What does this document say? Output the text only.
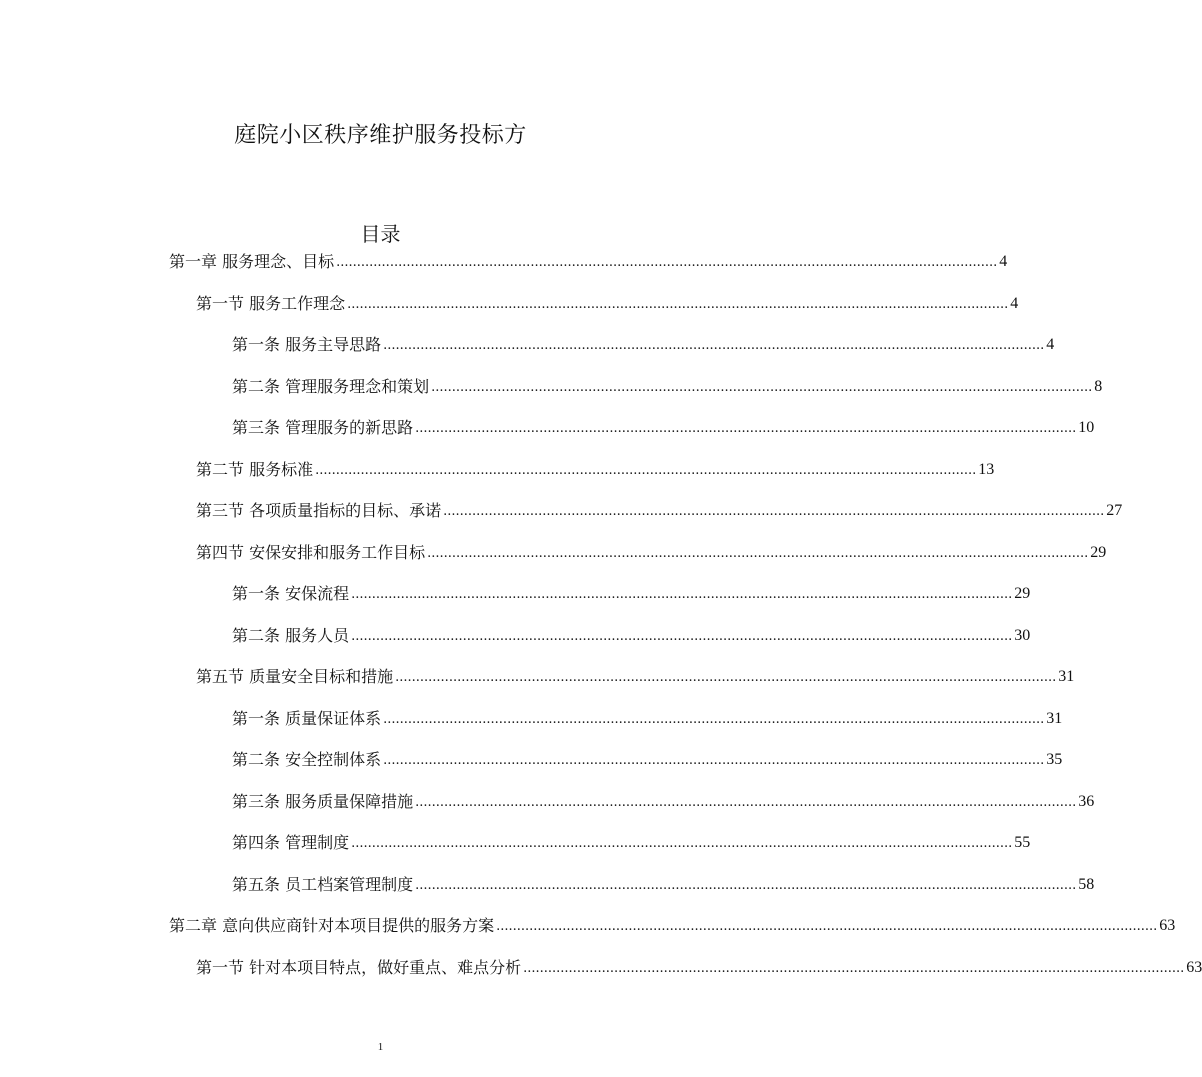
庭院小区秩序维护服务投标方
目录
第一章 服务理念、目标 ................................................................................................................................................................ 4
第一节 服务工作理念 ................................................................................................................................................................ 4
第一条 服务主导思路 ................................................................................................................................................................ 4
第二条 管理服务理念和策划 ................................................................................................................................................................ 8
第三条 管理服务的新思路 ................................................................................................................................................................ 10
第二节 服务标准 ................................................................................................................................................................ 13
第三节 各项质量指标的目标、承诺 ................................................................................................................................................................ 27
第四节 安保安排和服务工作目标 ................................................................................................................................................................ 29
第一条 安保流程 ................................................................................................................................................................ 29
第二条 服务人员 ................................................................................................................................................................ 30
第五节 质量安全目标和措施 ................................................................................................................................................................ 31
第一条 质量保证体系 ................................................................................................................................................................ 31
第二条 安全控制体系 ................................................................................................................................................................ 35
第三条 服务质量保障措施 ................................................................................................................................................................ 36
第四条 管理制度 ................................................................................................................................................................ 55
第五条 员工档案管理制度 ................................................................................................................................................................ 58
第二章 意向供应商针对本项目提供的服务方案 ................................................................................................................................................................ 63
第一节 针对本项目特点，做好重点、难点分析 ................................................................................................................................................................ 63
1
